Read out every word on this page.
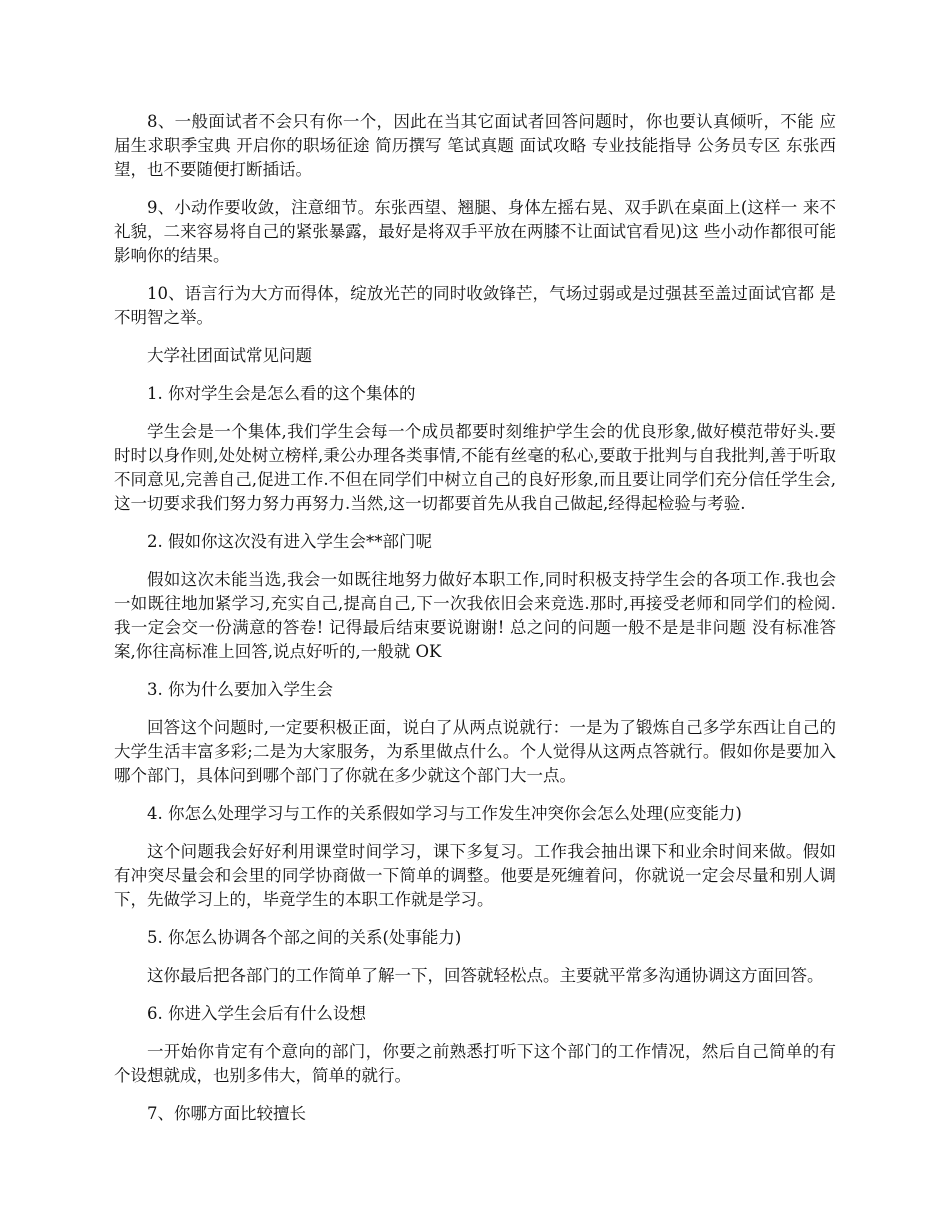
8、一般面试者不会只有你一个，因此在当其它面试者回答问题时，你也要认真倾听，不能 应届生求职季宝典 开启你的职场征途 简历撰写 笔试真题 面试攻略 专业技能指导 公务员专区 东张西望，也不要随便打断插话。

9、小动作要收敛，注意细节。东张西望、翘腿、身体左摇右晃、双手趴在桌面上(这样一 来不礼貌，二来容易将自己的紧张暴露，最好是将双手平放在两膝不让面试官看见)这 些小动作都很可能影响你的结果。

10、语言行为大方而得体，绽放光芒的同时收敛锋芒，气场过弱或是过强甚至盖过面试官都 是不明智之举。

大学社团面试常见问题

1. 你对学生会是怎么看的这个集体的

学生会是一个集体,我们学生会每一个成员都要时刻维护学生会的优良形象,做好模范带好头.要时时以身作则,处处树立榜样,秉公办理各类事情,不能有丝毫的私心,要敢于批判与自我批判,善于听取不同意见,完善自己,促进工作.不但在同学们中树立自己的良好形象,而且要让同学们充分信任学生会,这一切要求我们努力努力再努力.当然,这一切都要首先从我自己做起,经得起检验与考验.

2. 假如你这次没有进入学生会**部门呢

假如这次未能当选,我会一如既往地努力做好本职工作,同时积极支持学生会的各项工作.我也会一如既往地加紧学习,充实自己,提高自己,下一次我依旧会来竞选.那时,再接受老师和同学们的检阅.我一定会交一份满意的答卷! 记得最后结束要说谢谢! 总之问的问题一般不是是非问题 没有标准答案,你往高标准上回答,说点好听的,一般就 OK

3. 你为什么要加入学生会

回答这个问题时,一定要积极正面，说白了从两点说就行：一是为了锻炼自己多学东西让自己的大学生活丰富多彩;二是为大家服务，为系里做点什么。个人觉得从这两点答就行。假如你是要加入哪个部门，具体问到哪个部门了你就在多少就这个部门大一点。

4. 你怎么处理学习与工作的关系假如学习与工作发生冲突你会怎么处理(应变能力)

这个问题我会好好利用课堂时间学习，课下多复习。工作我会抽出课下和业余时间来做。假如有冲突尽量会和会里的同学协商做一下简单的调整。他要是死缠着问，你就说一定会尽量和别人调下，先做学习上的，毕竟学生的本职工作就是学习。

5. 你怎么协调各个部之间的关系(处事能力)

这你最后把各部门的工作简单了解一下，回答就轻松点。主要就平常多沟通协调这方面回答。

6. 你进入学生会后有什么设想

一开始你肯定有个意向的部门，你要之前熟悉打听下这个部门的工作情况，然后自己简单的有个设想就成，也别多伟大，简单的就行。

7、你哪方面比较擅长
